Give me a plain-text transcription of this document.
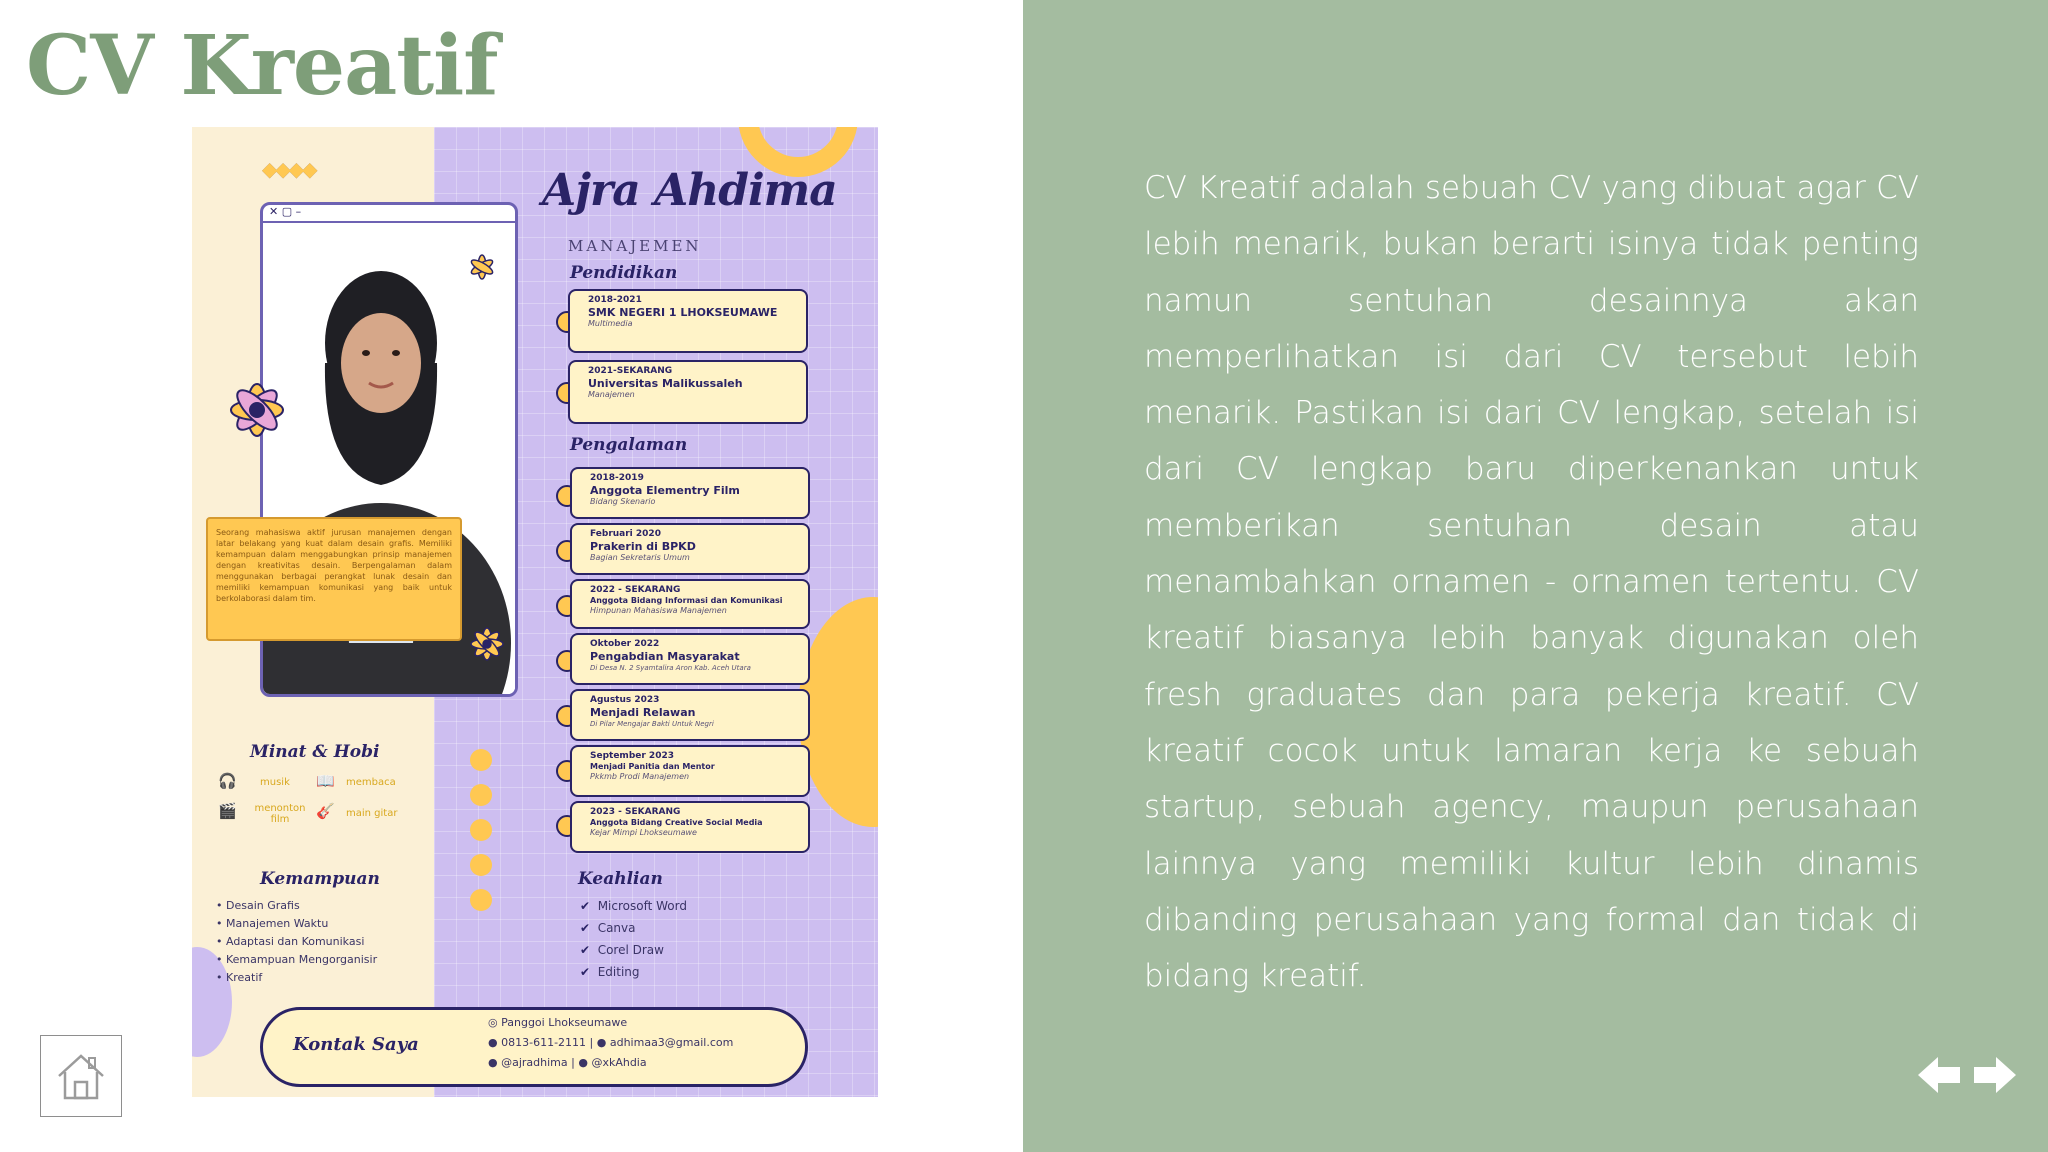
CV Kreatif
◆◆◆◆
✕ ▢ –
Seorang mahasiswa aktif jurusan manajemen dengan latar belakang yang kuat dalam desain grafis. Memiliki kemampuan dalam menggabungkan prinsip manajemen dengan kreativitas desain. Berpengalaman dalam menggunakan berbagai perangkat lunak desain dan memiliki kemampuan komunikasi yang baik untuk berkolaborasi dalam tim.
Ajra Ahdima
MANAJEMEN
Pendidikan
2018-2021
SMK NEGERI 1 LHOKSEUMAWE
Multimedia
2021-SEKARANG
Universitas Malikussaleh
Manajemen
Pengalaman
2018-2019
Anggota Elementry Film
Bidang Skenario
Februari 2020
Prakerin di BPKD
Bagian Sekretaris Umum
2022 - SEKARANG
Anggota Bidang Informasi dan Komunikasi
Himpunan Mahasiswa Manajemen
Oktober 2022
Pengabdian Masyarakat
Di Desa N. 2 Syamtalira Aron Kab. Aceh Utara
Agustus 2023
Menjadi Relawan
Di Pilar Mengajar Bakti Untuk Negri
September 2023
Menjadi Panitia dan Mentor
Pkkmb Prodi Manajemen
2023 - SEKARANG
Anggota Bidang Creative Social Media
Kejar Mimpi Lhokseumawe
Minat & Hobi
🎧 musik 📖 membaca
🎬	menonton film	🎸 main gitar
Kemampuan
• Desain Grafis
• Manajemen Waktu
• Adaptasi dan Komunikasi
• Kemampuan Mengorganisir
• Kreatif
Keahlian
✔ Microsoft Word
✔ Canva
✔ Corel Draw
✔ Editing
Kontak Saya
◎ Panggoi Lhokseumawe
● 0813-611-2111 | ● adhimaa3@gmail.com
● @ajradhima | ● @xkAhdia
CV Kreatif adalah sebuah CV yang dibuat agar CV lebih menarik, bukan berarti isinya tidak penting namun sentuhan desainnya akan memperlihatkan isi dari CV tersebut lebih menarik. Pastikan isi dari CV lengkap, setelah isi dari CV lengkap baru diperkenankan untuk memberikan sentuhan desain atau menambahkan ornamen - ornamen tertentu. CV kreatif biasanya lebih banyak digunakan oleh fresh graduates dan para pekerja kreatif. CV kreatif cocok untuk lamaran kerja ke sebuah startup, sebuah agency, maupun perusahaan lainnya yang memiliki kultur lebih dinamis dibanding perusahaan yang formal dan tidak di bidang kreatif.
